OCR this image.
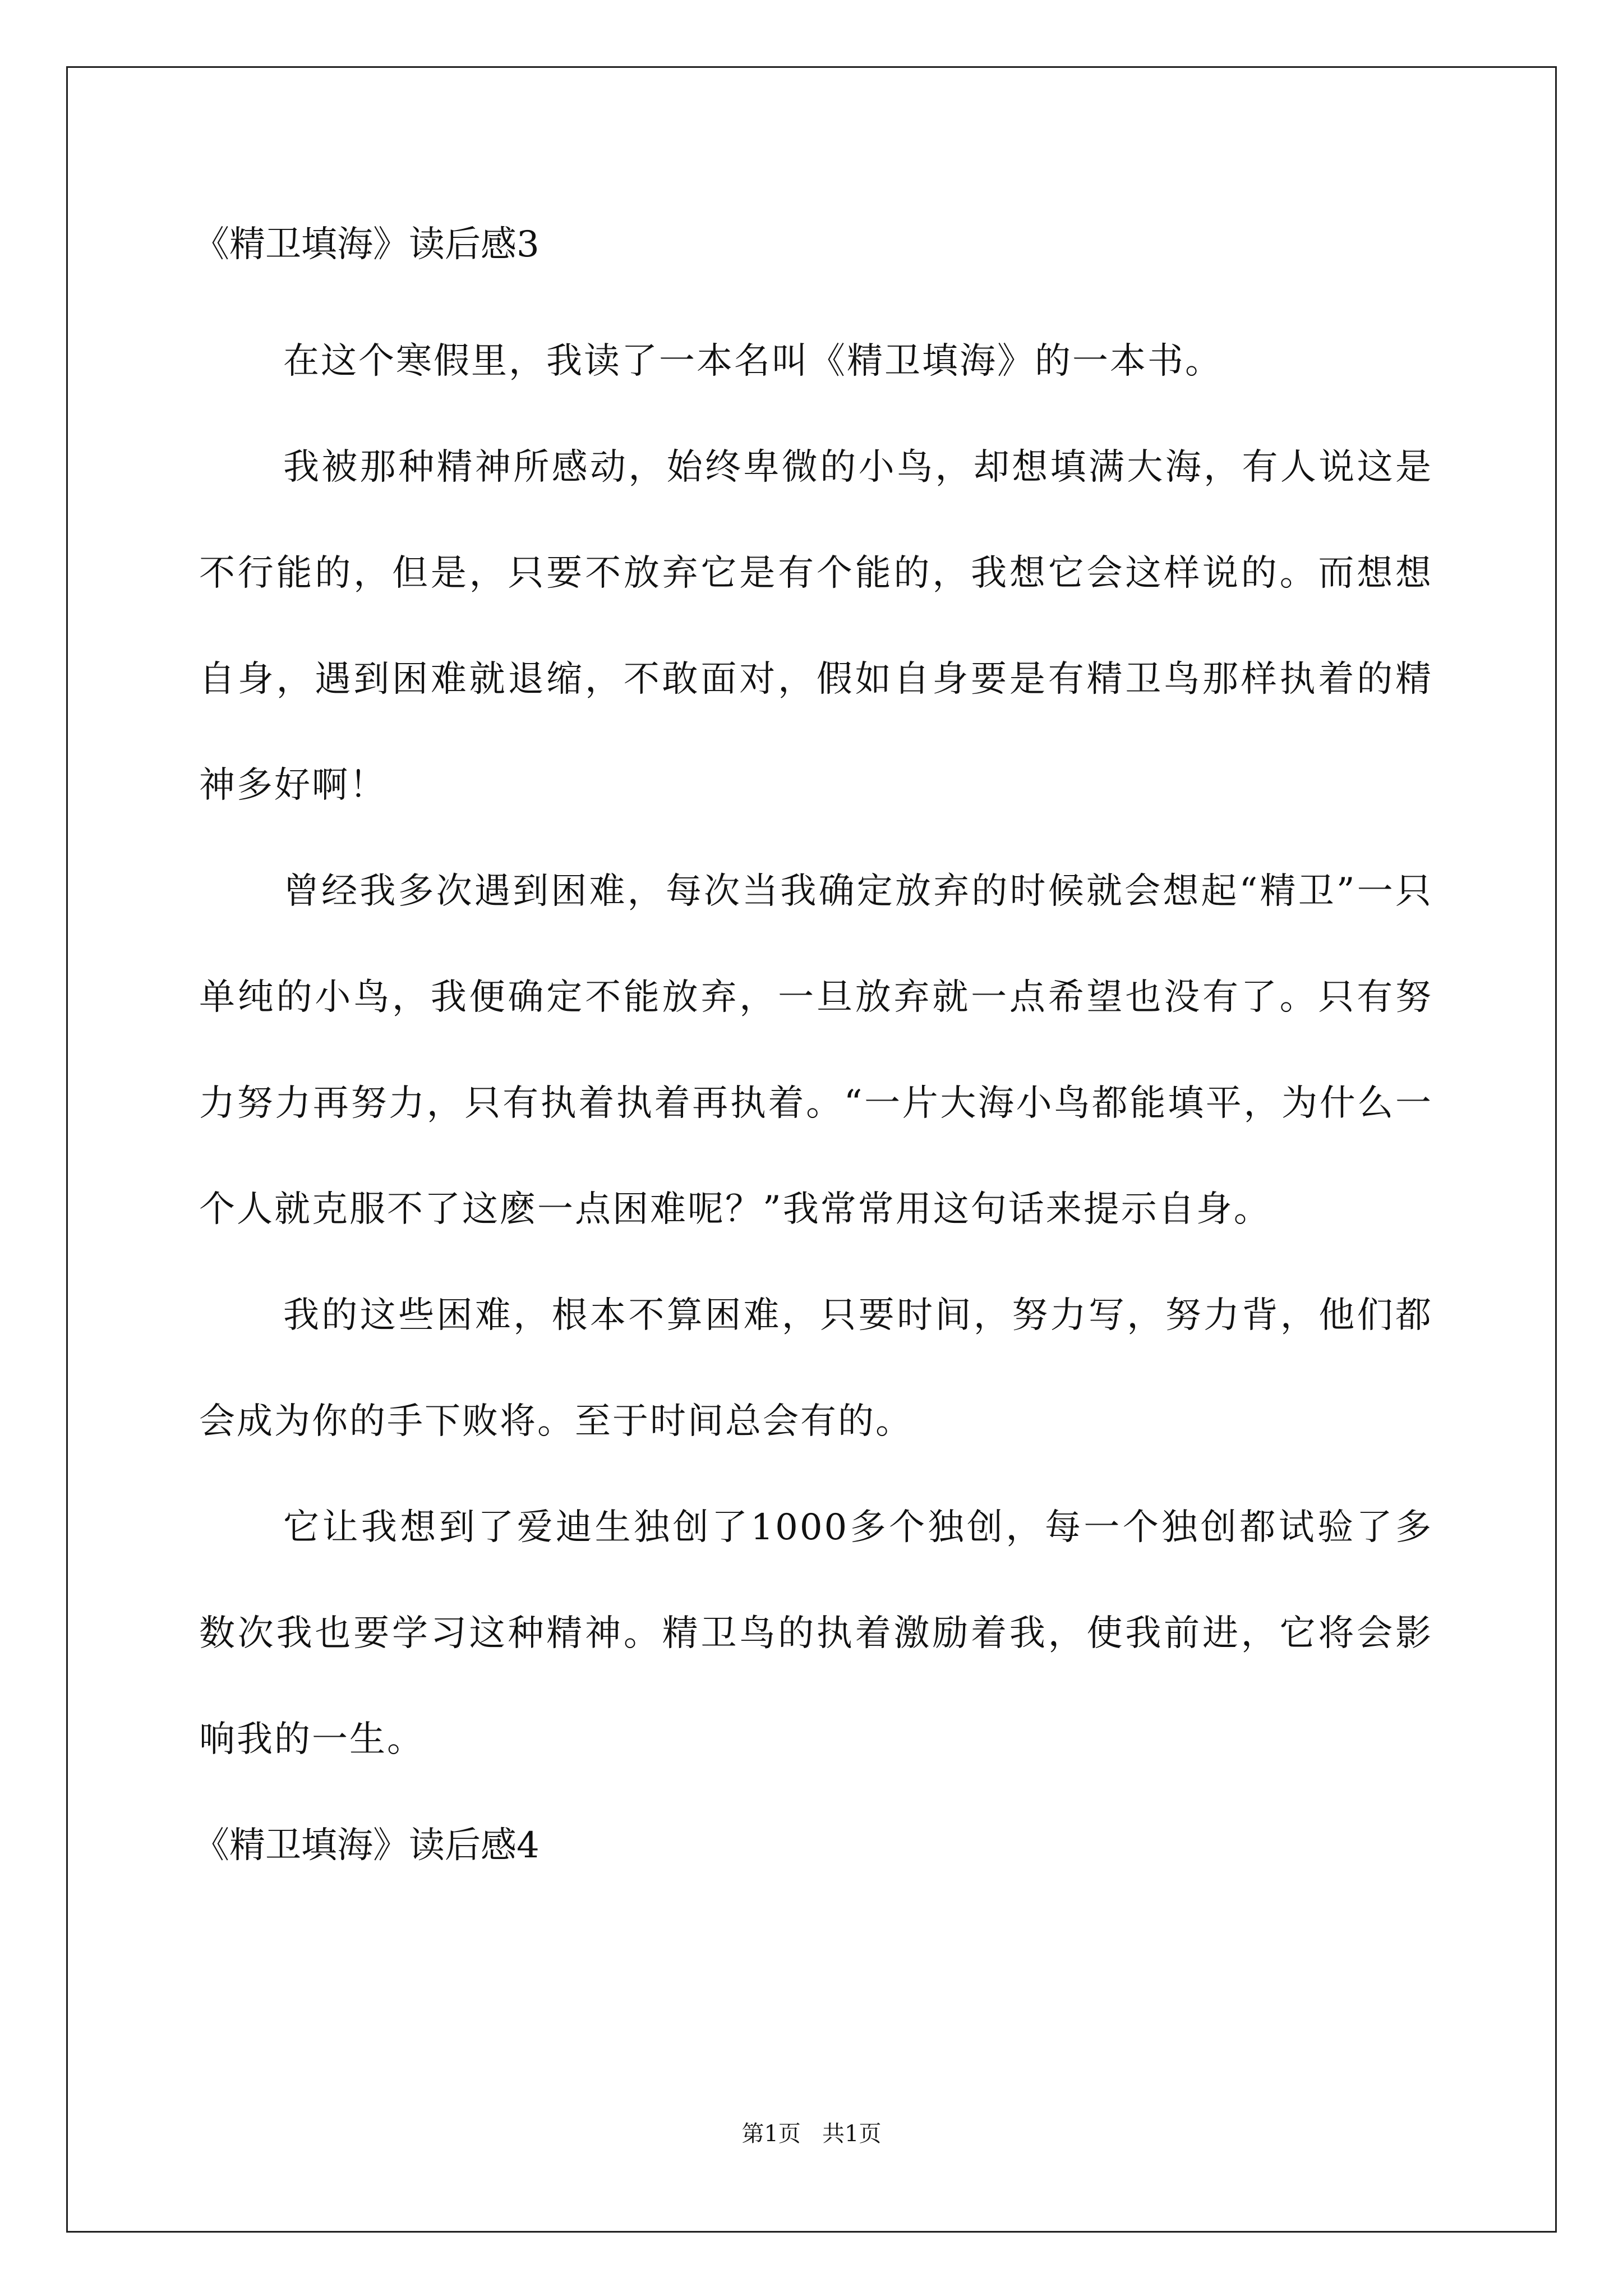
《精卫填海》读后感3

在这个寒假里，我读了一本名叫《精卫填海》的一本书。

我被那种精神所感动，始终卑微的小鸟，却想填满大海，有人说这是不行能的，但是，只要不放弃它是有个能的，我想它会这样说的。而想想自身，遇到困难就退缩，不敢面对，假如自身要是有精卫鸟那样执着的精神多好啊！

曾经我多次遇到困难，每次当我确定放弃的时候就会想起“精卫”一只单纯的小鸟，我便确定不能放弃，一旦放弃就一点希望也没有了。只有努力努力再努力，只有执着执着再执着。“一片大海小鸟都能填平，为什么一个人就克服不了这麽一点困难呢？”我常常用这句话来提示自身。

我的这些困难，根本不算困难，只要时间，努力写，努力背，他们都会成为你的手下败将。至于时间总会有的。

它让我想到了爱迪生独创了1000多个独创，每一个独创都试验了多数次我也要学习这种精神。精卫鸟的执着激励着我，使我前进，它将会影响我的一生。

《精卫填海》读后感4
第1页   共1页
